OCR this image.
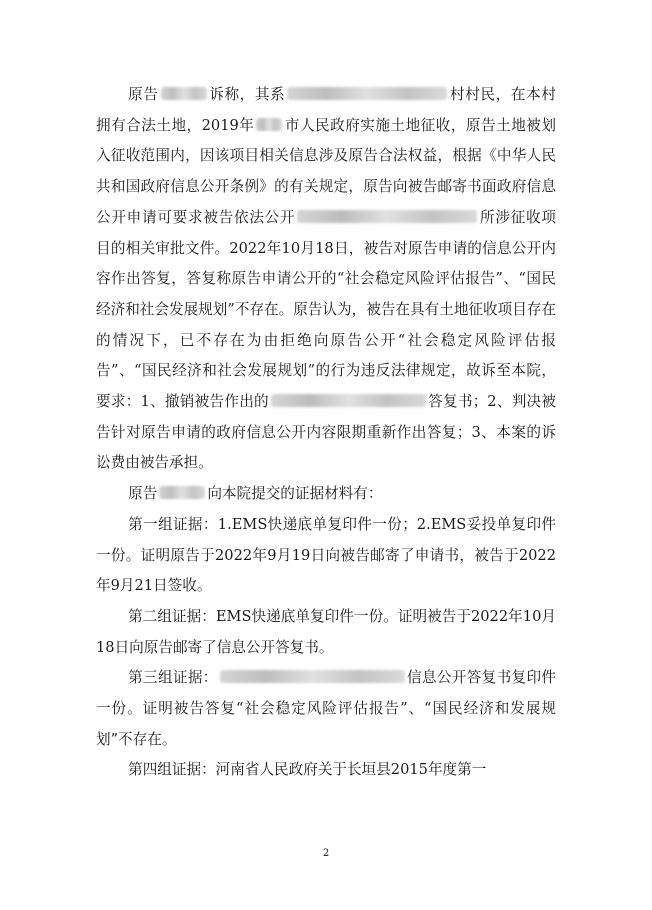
原告	诉称，其系	村村民，在本村拥有合法土地，2019年 市人民政府实施土地征收，原告土地被划入征收范围内，因该项目相关信息涉及原告合法权益，根据《中华人民共和国政府信息公开条例》的有关规定，原告向被告邮寄书面政府信息公开申请可要求被告依法公开	所涉征收项目的相关审批文件。2022年10月18日，被告对原告申请的信息公开内容作出答复，答复称原告申请公开的“社会稳定风险评估报告”、“国民经济和社会发展规划”不存在。原告认为，被告在具有土地征收项目存在的情况下，已不存在为由拒绝向原告公开“社会稳定风险评估报告”、“国民经济和社会发展规划”的行为违反法律规定，故诉至本院，要求：1、撤销被告作出的	答复书；2、判决被告针对原告申请的政府信息公开内容限期重新作出答复；3、本案的诉讼费由被告承担。

原告	向本院提交的证据材料有：

第一组证据：1.EMS快递底单复印件一份；2.EMS妥投单复印件一份。证明原告于2022年9月19日向被告邮寄了申请书，被告于2022年9月21日签收。

第二组证据：EMS快递底单复印件一份。证明被告于2022年10月18日向原告邮寄了信息公开答复书。

第三组证据：	信息公开答复书复印件一份。证明被告答复“社会稳定风险评估报告”、“国民经济和发展规划”不存在。

第四组证据：河南省人民政府关于长垣县2015年度第一

2
